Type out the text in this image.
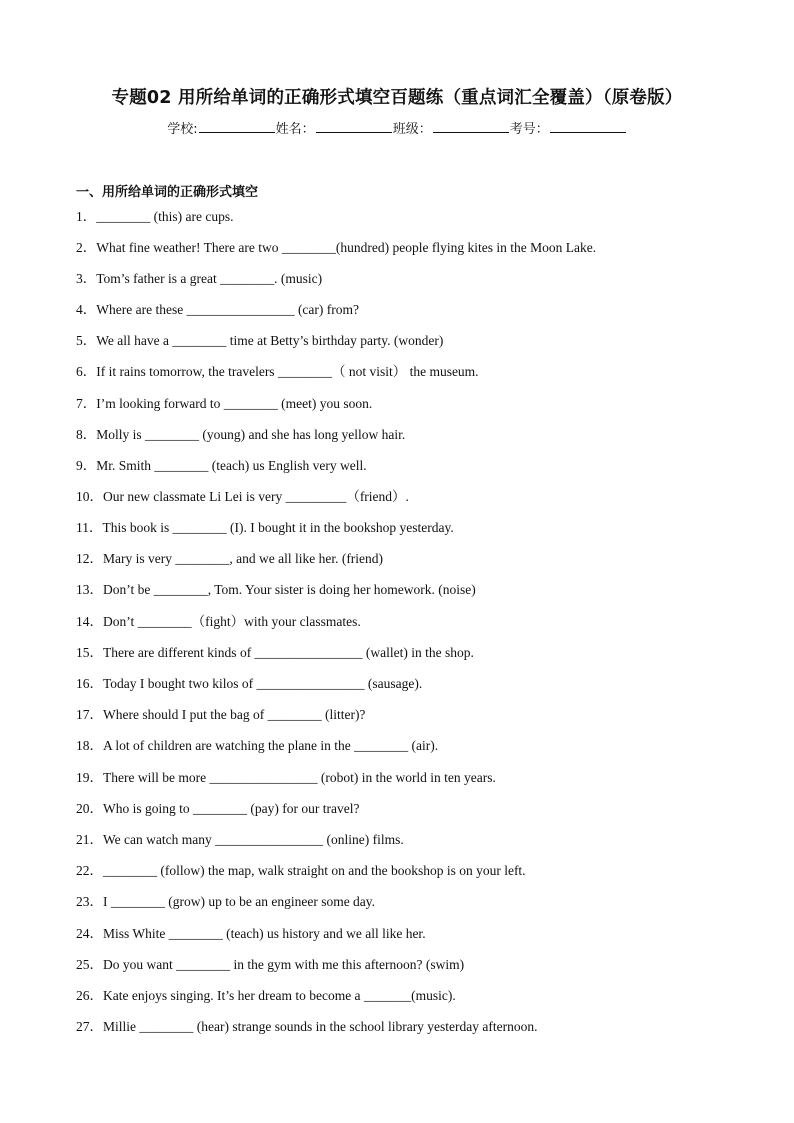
专题02 用所给单词的正确形式填空百题练（重点词汇全覆盖）（原卷版）
学校:	姓名：	班级：	考号：
一、用所给单词的正确形式填空
1．________ (this) are cups.
2．What fine weather! There are two ________(hundred) people flying kites in the Moon Lake.
3．Tom’s father is a great ________. (music)
4．Where are these ________________ (car) from?
5．We all have a ________ time at Betty’s birthday party. (wonder)
6．If it rains tomorrow, the travelers ________（ not visit） the museum.
7．I’m looking forward to ________ (meet) you soon.
8．Molly is ________ (young) and she has long yellow hair.
9．Mr. Smith ________ (teach) us English very well.
10．Our new classmate Li Lei is very _________（friend）.
11．This book is ________ (I). I bought it in the bookshop yesterday.
12．Mary is very ________, and we all like her. (friend)
13．Don’t be ________, Tom. Your sister is doing her homework. (noise)
14．Don’t ________（fight）with your classmates.
15．There are different kinds of ________________ (wallet) in the shop.
16．Today I bought two kilos of ________________ (sausage).
17．Where should I put the bag of ________ (litter)?
18．A lot of children are watching the plane in the ________ (air).
19．There will be more ________________ (robot) in the world in ten years.
20．Who is going to ________ (pay) for our travel?
21．We can watch many ________________ (online) films.
22．________ (follow) the map, walk straight on and the bookshop is on your left.
23．I ________ (grow) up to be an engineer some day.
24．Miss White ________ (teach) us history and we all like her.
25．Do you want ________ in the gym with me this afternoon? (swim)
26．Kate enjoys singing. It’s her dream to become a _______(music).
27．Millie ________ (hear) strange sounds in the school library yesterday afternoon.
